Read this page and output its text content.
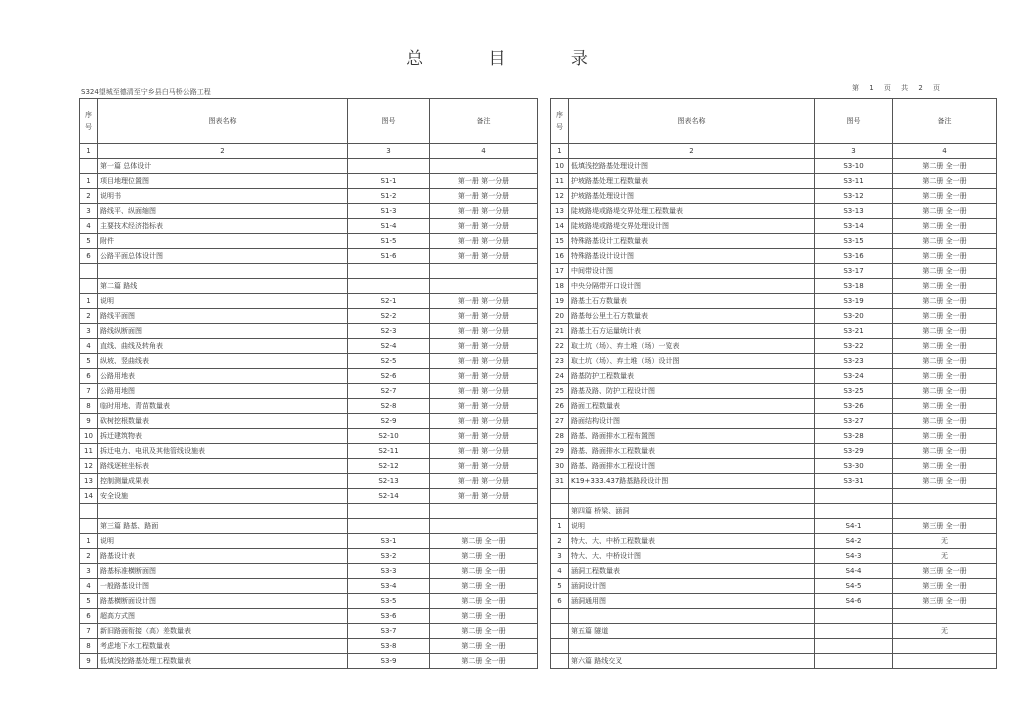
总 目 录
S324望城至德清至宁乡县白马桥公路工程	第 1 页 共 2 页
序号	图表名称	图号	备注
1	2	3	4
	第一篇 总体设计		
1	项目地理位置图	S1-1	第一册 第一分册
2	说明书	S1-2	第一册 第一分册
3	路线平、纵面缩图	S1-3	第一册 第一分册
4	主要技术经济指标表	S1-4	第一册 第一分册
5	附件	S1-5	第一册 第一分册
6	公路平面总体设计图	S1-6	第一册 第一分册

	第二篇 路线		
1	说明	S2-1	第一册 第一分册
2	路线平面图	S2-2	第一册 第一分册
3	路线纵断面图	S2-3	第一册 第一分册
4	直线、曲线及转角表	S2-4	第一册 第一分册
5	纵坡、竖曲线表	S2-5	第一册 第一分册
6	公路用地表	S2-6	第一册 第一分册
7	公路用地图	S2-7	第一册 第一分册
8	临时用地、青苗数量表	S2-8	第一册 第一分册
9	砍树挖根数量表	S2-9	第一册 第一分册
10	拆迁建筑物表	S2-10	第一册 第一分册
11	拆迁电力、电讯及其他管线设施表	S2-11	第一册 第一分册
12	路线逐桩坐标表	S2-12	第一册 第一分册
13	控制测量成果表	S2-13	第一册 第一分册
14	安全设施	S2-14	第一册 第一分册

	第三篇 路基、路面		
1	说明	S3-1	第二册 全一册
2	路基设计表	S3-2	第二册 全一册
3	路基标准横断面图	S3-3	第二册 全一册
4	一般路基设计图	S3-4	第二册 全一册
5	路基横断面设计图	S3-5	第二册 全一册
6	超高方式图	S3-6	第二册 全一册
7	新旧路面衔接（高）差数量表	S3-7	第二册 全一册
8	考虑地下水工程数量表	S3-8	第二册 全一册
9	低填浅挖路基处理工程数量表	S3-9	第二册 全一册
序号	图表名称	图号	备注
1	2	3	4
10	低填浅挖路基处理设计图	S3-10	第二册 全一册
11	护坡路基处理工程数量表	S3-11	第二册 全一册
12	护坡路基处理设计图	S3-12	第二册 全一册
13	陡坡路堤或路堤交界处理工程数量表	S3-13	第二册 全一册
14	陡坡路堤或路堤交界处理设计图	S3-14	第二册 全一册
15	特殊路基设计工程数量表	S3-15	第二册 全一册
16	特殊路基设计设计图	S3-16	第二册 全一册
17	中间带设计图	S3-17	第二册 全一册
18	中央分隔带开口设计图	S3-18	第二册 全一册
19	路基土石方数量表	S3-19	第二册 全一册
20	路基每公里土石方数量表	S3-20	第二册 全一册
21	路基土石方运量统计表	S3-21	第二册 全一册
22	取土坑（场）、弃土堆（场）一览表	S3-22	第二册 全一册
23	取土坑（场）、弃土堆（场）设计图	S3-23	第二册 全一册
24	路基防护工程数量表	S3-24	第二册 全一册
25	路基及路、防护工程设计图	S3-25	第二册 全一册
26	路面工程数量表	S3-26	第二册 全一册
27	路面结构设计图	S3-27	第二册 全一册
28	路基、路面排水工程布置图	S3-28	第二册 全一册
29	路基、路面排水工程数量表	S3-29	第二册 全一册
30	路基、路面排水工程设计图	S3-30	第二册 全一册
31	K19+333.437路基路段设计图	S3-31	第二册 全一册

	第四篇 桥梁、涵洞		
1	说明	S4-1	第三册 全一册
2	特大、大、中桥工程数量表	S4-2	无
3	特大、大、中桥设计图	S4-3	无
4	涵洞工程数量表	S4-4	第三册 全一册
5	涵洞设计图	S4-5	第三册 全一册
6	涵洞通用图	S4-6	第三册 全一册

	第五篇 隧道		无

	第六篇 路线交叉		
